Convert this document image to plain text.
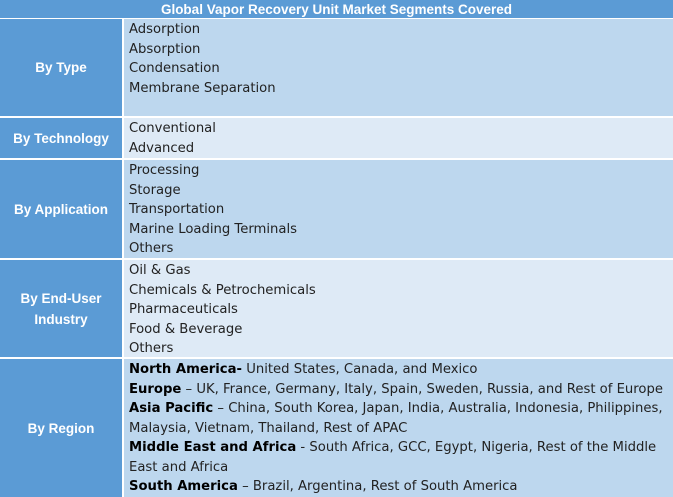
Global Vapor Recovery Unit Market Segments Covered
By Type
Adsorption
Absorption
Condensation
Membrane Separation
By Technology
Conventional
Advanced
By Application
Processing
Storage
Transportation
Marine Loading Terminals
Others
By End-User Industry
Oil & Gas
Chemicals & Petrochemicals
Pharmaceuticals
Food & Beverage
Others
By Region
North America- United States, Canada, and Mexico
Europe – UK, France, Germany, Italy, Spain, Sweden, Russia, and Rest of Europe
Asia Pacific – China, South Korea, Japan, India, Australia, Indonesia, Philippines, Malaysia, Vietnam, Thailand, Rest of APAC
Middle East and Africa - South Africa, GCC, Egypt, Nigeria, Rest of the Middle East and Africa
South America – Brazil, Argentina, Rest of South America
